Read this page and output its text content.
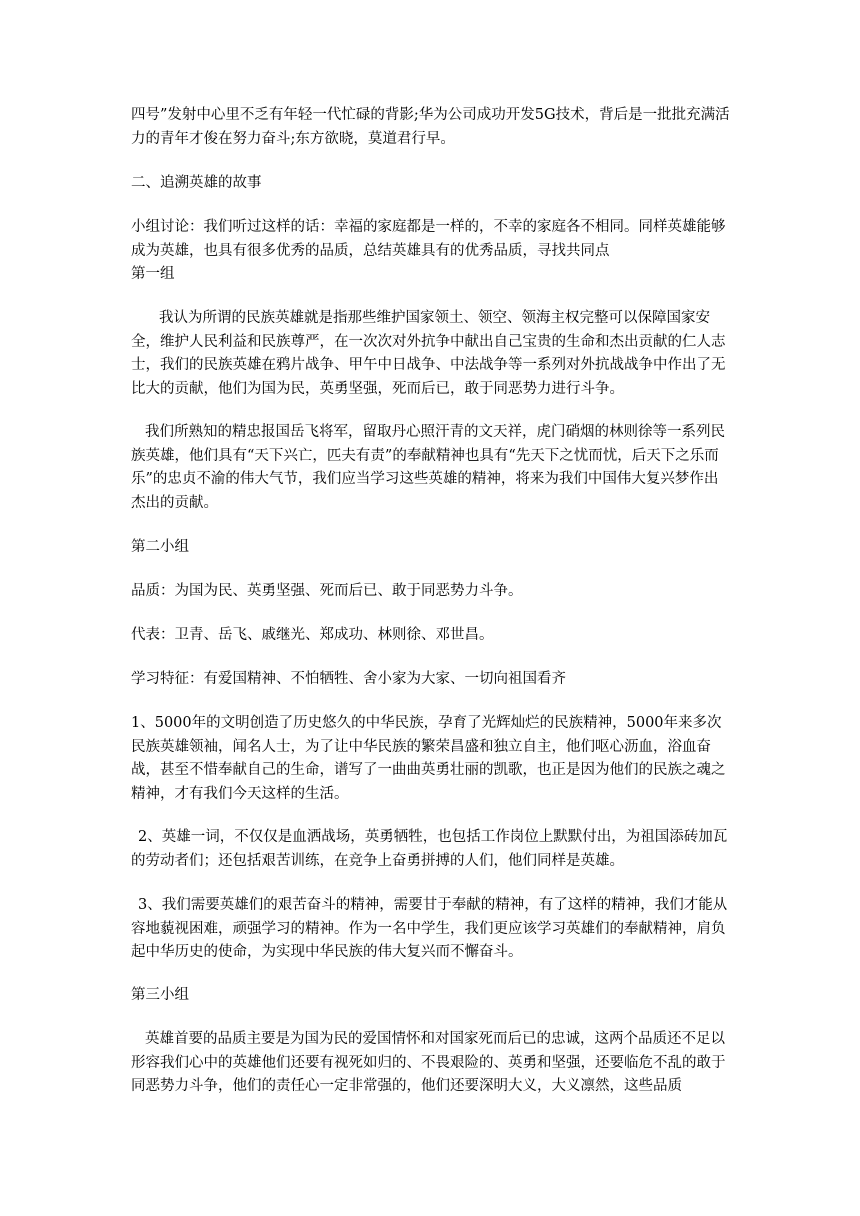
四号”发射中心里不乏有年轻一代忙碌的背影;华为公司成功开发5G技术，背后是一批批充满活力的青年才俊在努力奋斗;东方欲晓，莫道君行早。

二、追溯英雄的故事

小组讨论：我们听过这样的话：幸福的家庭都是一样的，不幸的家庭各不相同。同样英雄能够成为英雄，也具有很多优秀的品质，总结英雄具有的优秀品质，寻找共同点

第一组

我认为所谓的民族英雄就是指那些维护国家领土、领空、领海主权完整可以保障国家安全，维护人民利益和民族尊严，在一次次对外抗争中献出自己宝贵的生命和杰出贡献的仁人志士，我们的民族英雄在鸦片战争、甲午中日战争、中法战争等一系列对外抗战战争中作出了无比大的贡献，他们为国为民，英勇坚强，死而后已，敢于同恶势力进行斗争。

我们所熟知的精忠报国岳飞将军，留取丹心照汗青的文天祥，虎门硝烟的林则徐等一系列民族英雄，他们具有“天下兴亡，匹夫有责”的奉献精神也具有“先天下之忧而忧，后天下之乐而乐”的忠贞不渝的伟大气节，我们应当学习这些英雄的精神，将来为我们中国伟大复兴梦作出杰出的贡献。

第二小组

品质：为国为民、英勇坚强、死而后已、敢于同恶势力斗争。

代表：卫青、岳飞、戚继光、郑成功、林则徐、邓世昌。

学习特征：有爱国精神、不怕牺牲、舍小家为大家、一切向祖国看齐

1、5000年的文明创造了历史悠久的中华民族，孕育了光辉灿烂的民族精神，5000年来多次民族英雄领袖，闻名人士，为了让中华民族的繁荣昌盛和独立自主，他们呕心沥血，浴血奋战，甚至不惜奉献自己的生命，谱写了一曲曲英勇壮丽的凯歌，也正是因为他们的民族之魂之精神，才有我们今天这样的生活。

2、英雄一词，不仅仅是血洒战场，英勇牺牲，也包括工作岗位上默默付出，为祖国添砖加瓦的劳动者们；还包括艰苦训练，在竞争上奋勇拼搏的人们，他们同样是英雄。

3、我们需要英雄们的艰苦奋斗的精神，需要甘于奉献的精神，有了这样的精神，我们才能从容地藐视困难，顽强学习的精神。作为一名中学生，我们更应该学习英雄们的奉献精神，肩负起中华历史的使命，为实现中华民族的伟大复兴而不懈奋斗。

第三小组

英雄首要的品质主要是为国为民的爱国情怀和对国家死而后已的忠诚，这两个品质还不足以形容我们心中的英雄他们还要有视死如归的、不畏艰险的、英勇和坚强，还要临危不乱的敢于同恶势力斗争，他们的责任心一定非常强的，他们还要深明大义，大义凛然，这些品质
